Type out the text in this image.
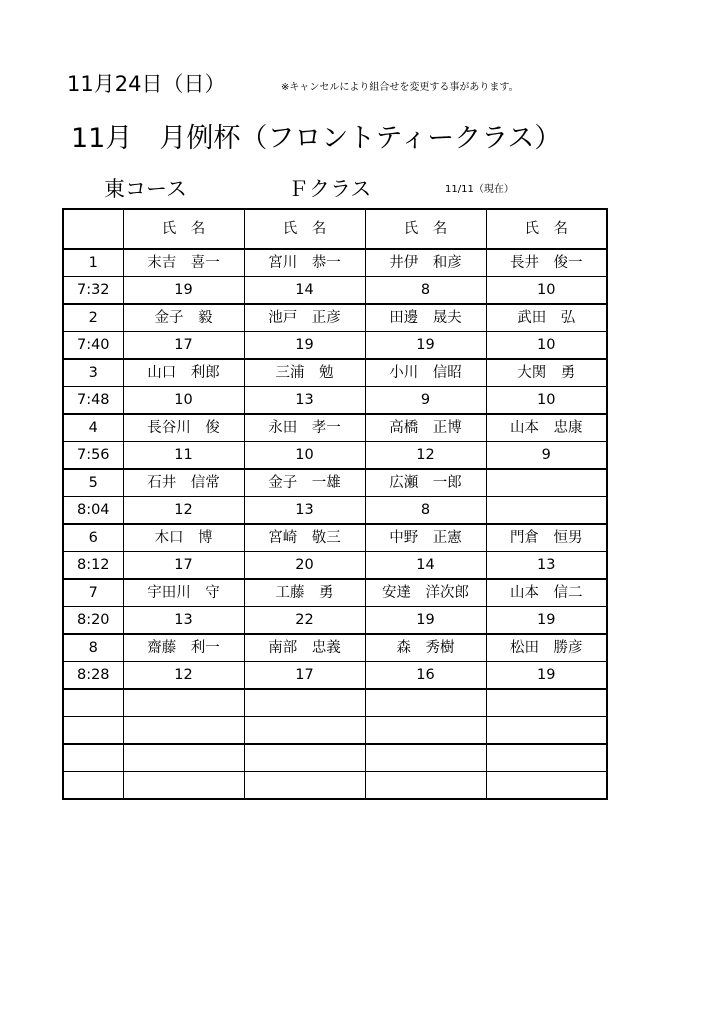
11月24日（日）	※キャンセルにより組合せを変更する事があります。
11月　月例杯（フロントティークラス）
東コース	Ｆクラス	11/11（現在）
	氏　名	氏　名	氏　名	氏　名
1	末吉　喜一	宮川　恭一	井伊　和彦	長井　俊一
7:32	19	14	8	10
2	金子　毅	池戸　正彦	田邊　晟夫	武田　弘
7:40	17	19	19	10
3	山口　利郎	三浦　勉	小川　信昭	大関　勇
7:48	10	13	9	10
4	長谷川　俊	永田　孝一	高橋　正博	山本　忠康
7:56	11	10	12	9
5	石井　信常	金子　一雄	広瀬　一郎	
8:04	12	13	8	
6	木口　博	宮崎　敬三	中野　正憲	門倉　恒男
8:12	17	20	14	13
7	宇田川　守	工藤　勇	安達　洋次郎	山本　信二
8:20	13	22	19	19
8	齋藤　利一	南部　忠義	森　秀樹	松田　勝彦
8:28	12	17	16	19
